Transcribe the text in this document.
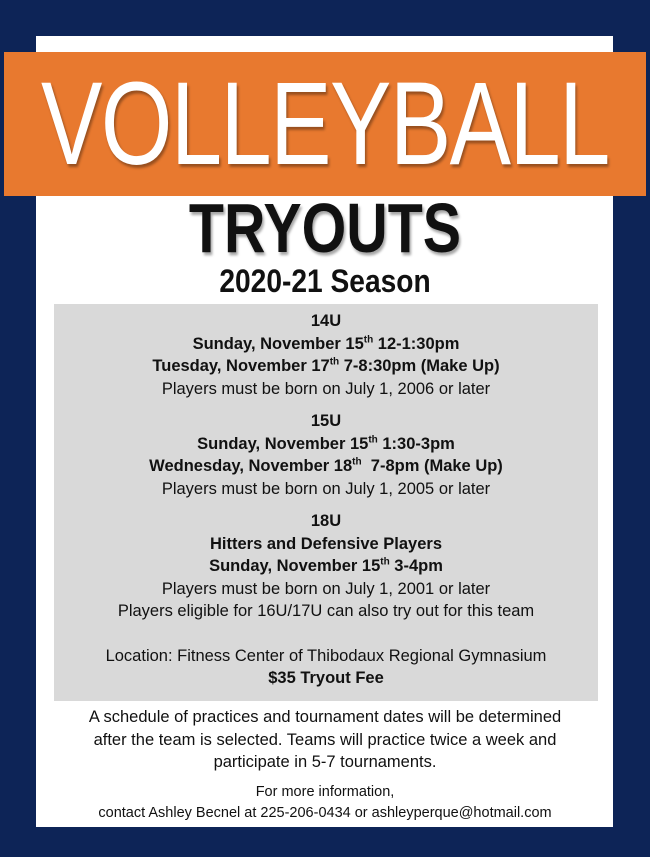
VOLLEYBALL
TRYOUTS
2020-21 Season
14U
Sunday, November 15th 12-1:30pm
Tuesday, November 17th 7-8:30pm (Make Up)
Players must be born on July 1, 2006 or later
15U
Sunday, November 15th 1:30-3pm
Wednesday, November 18th  7-8pm (Make Up)
Players must be born on July 1, 2005 or later
18U
Hitters and Defensive Players
Sunday, November 15th 3-4pm
Players must be born on July 1, 2001 or later
Players eligible for 16U/17U can also try out for this team
Location: Fitness Center of Thibodaux Regional Gymnasium
$35 Tryout Fee
A schedule of practices and tournament dates will be determined
after the team is selected. Teams will practice twice a week and
participate in 5-7 tournaments.
For more information,
contact Ashley Becnel at 225-206-0434 or ashleyperque@hotmail.com
